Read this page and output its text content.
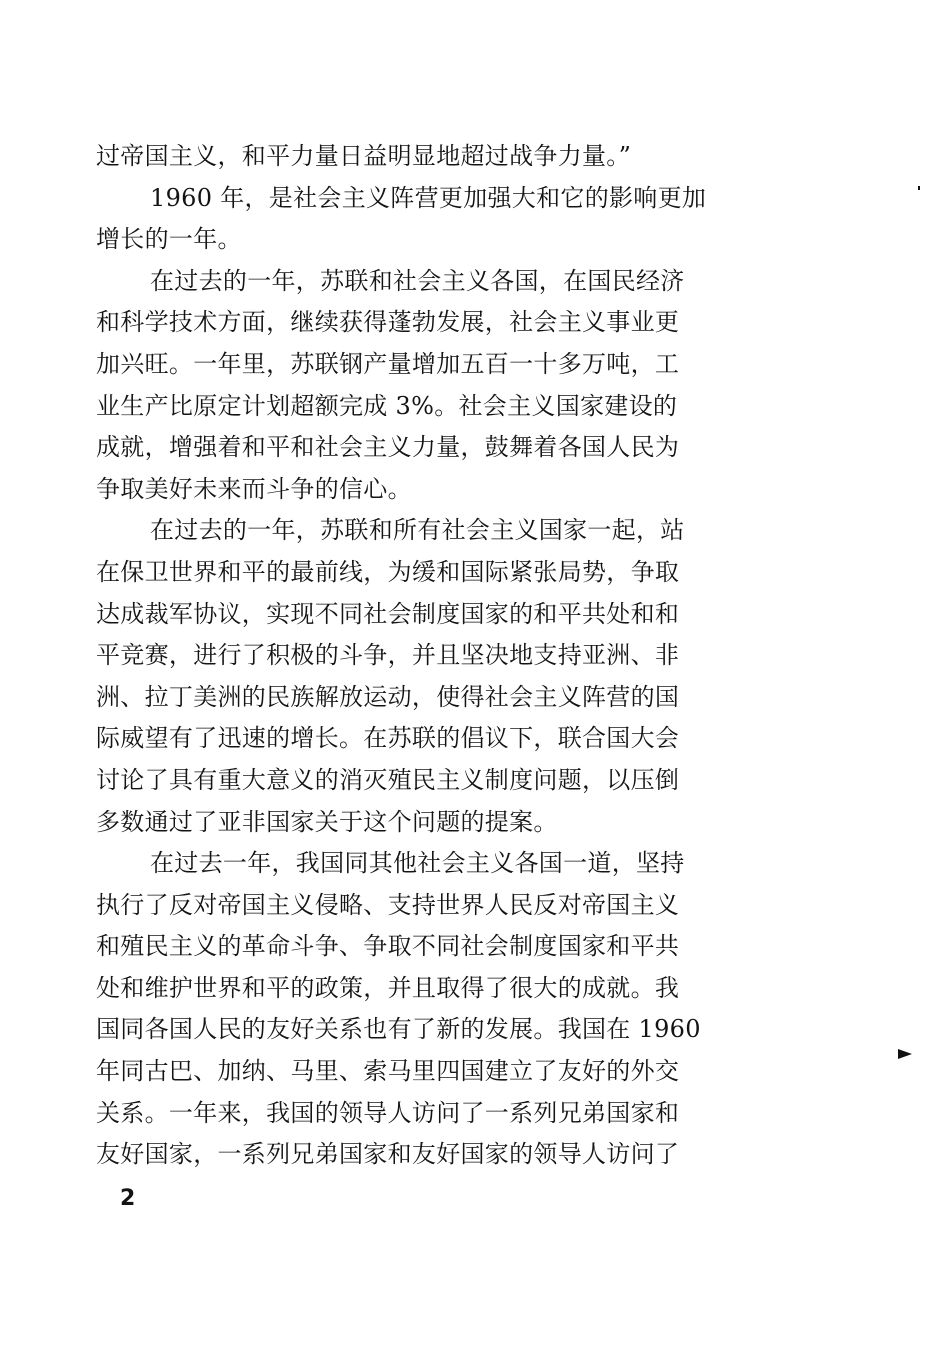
过帝国主义，和平力量日益明显地超过战争力量。”
1960 年，是社会主义阵营更加强大和它的影响更加
增长的一年。
在过去的一年，苏联和社会主义各国，在国民经济
和科学技术方面，继续获得蓬勃发展，社会主义事业更
加兴旺。一年里，苏联钢产量增加五百一十多万吨，工
业生产比原定计划超额完成 3%。社会主义国家建设的
成就，增强着和平和社会主义力量，鼓舞着各国人民为
争取美好未来而斗争的信心。
在过去的一年，苏联和所有社会主义国家一起，站
在保卫世界和平的最前线，为缓和国际紧张局势，争取
达成裁军协议，实现不同社会制度国家的和平共处和和
平竞赛，进行了积极的斗争，并且坚决地支持亚洲、非
洲、拉丁美洲的民族解放运动，使得社会主义阵营的国
际威望有了迅速的增长。在苏联的倡议下，联合国大会
讨论了具有重大意义的消灭殖民主义制度问题，以压倒
多数通过了亚非国家关于这个问题的提案。
在过去一年，我国同其他社会主义各国一道，坚持
执行了反对帝国主义侵略、支持世界人民反对帝国主义
和殖民主义的革命斗争、争取不同社会制度国家和平共
处和维护世界和平的政策，并且取得了很大的成就。我
国同各国人民的友好关系也有了新的发展。我国在 1960
年同古巴、加纳、马里、索马里四国建立了友好的外交
关系。一年来，我国的领导人访问了一系列兄弟国家和
友好国家，一系列兄弟国家和友好国家的领导人访问了
2
